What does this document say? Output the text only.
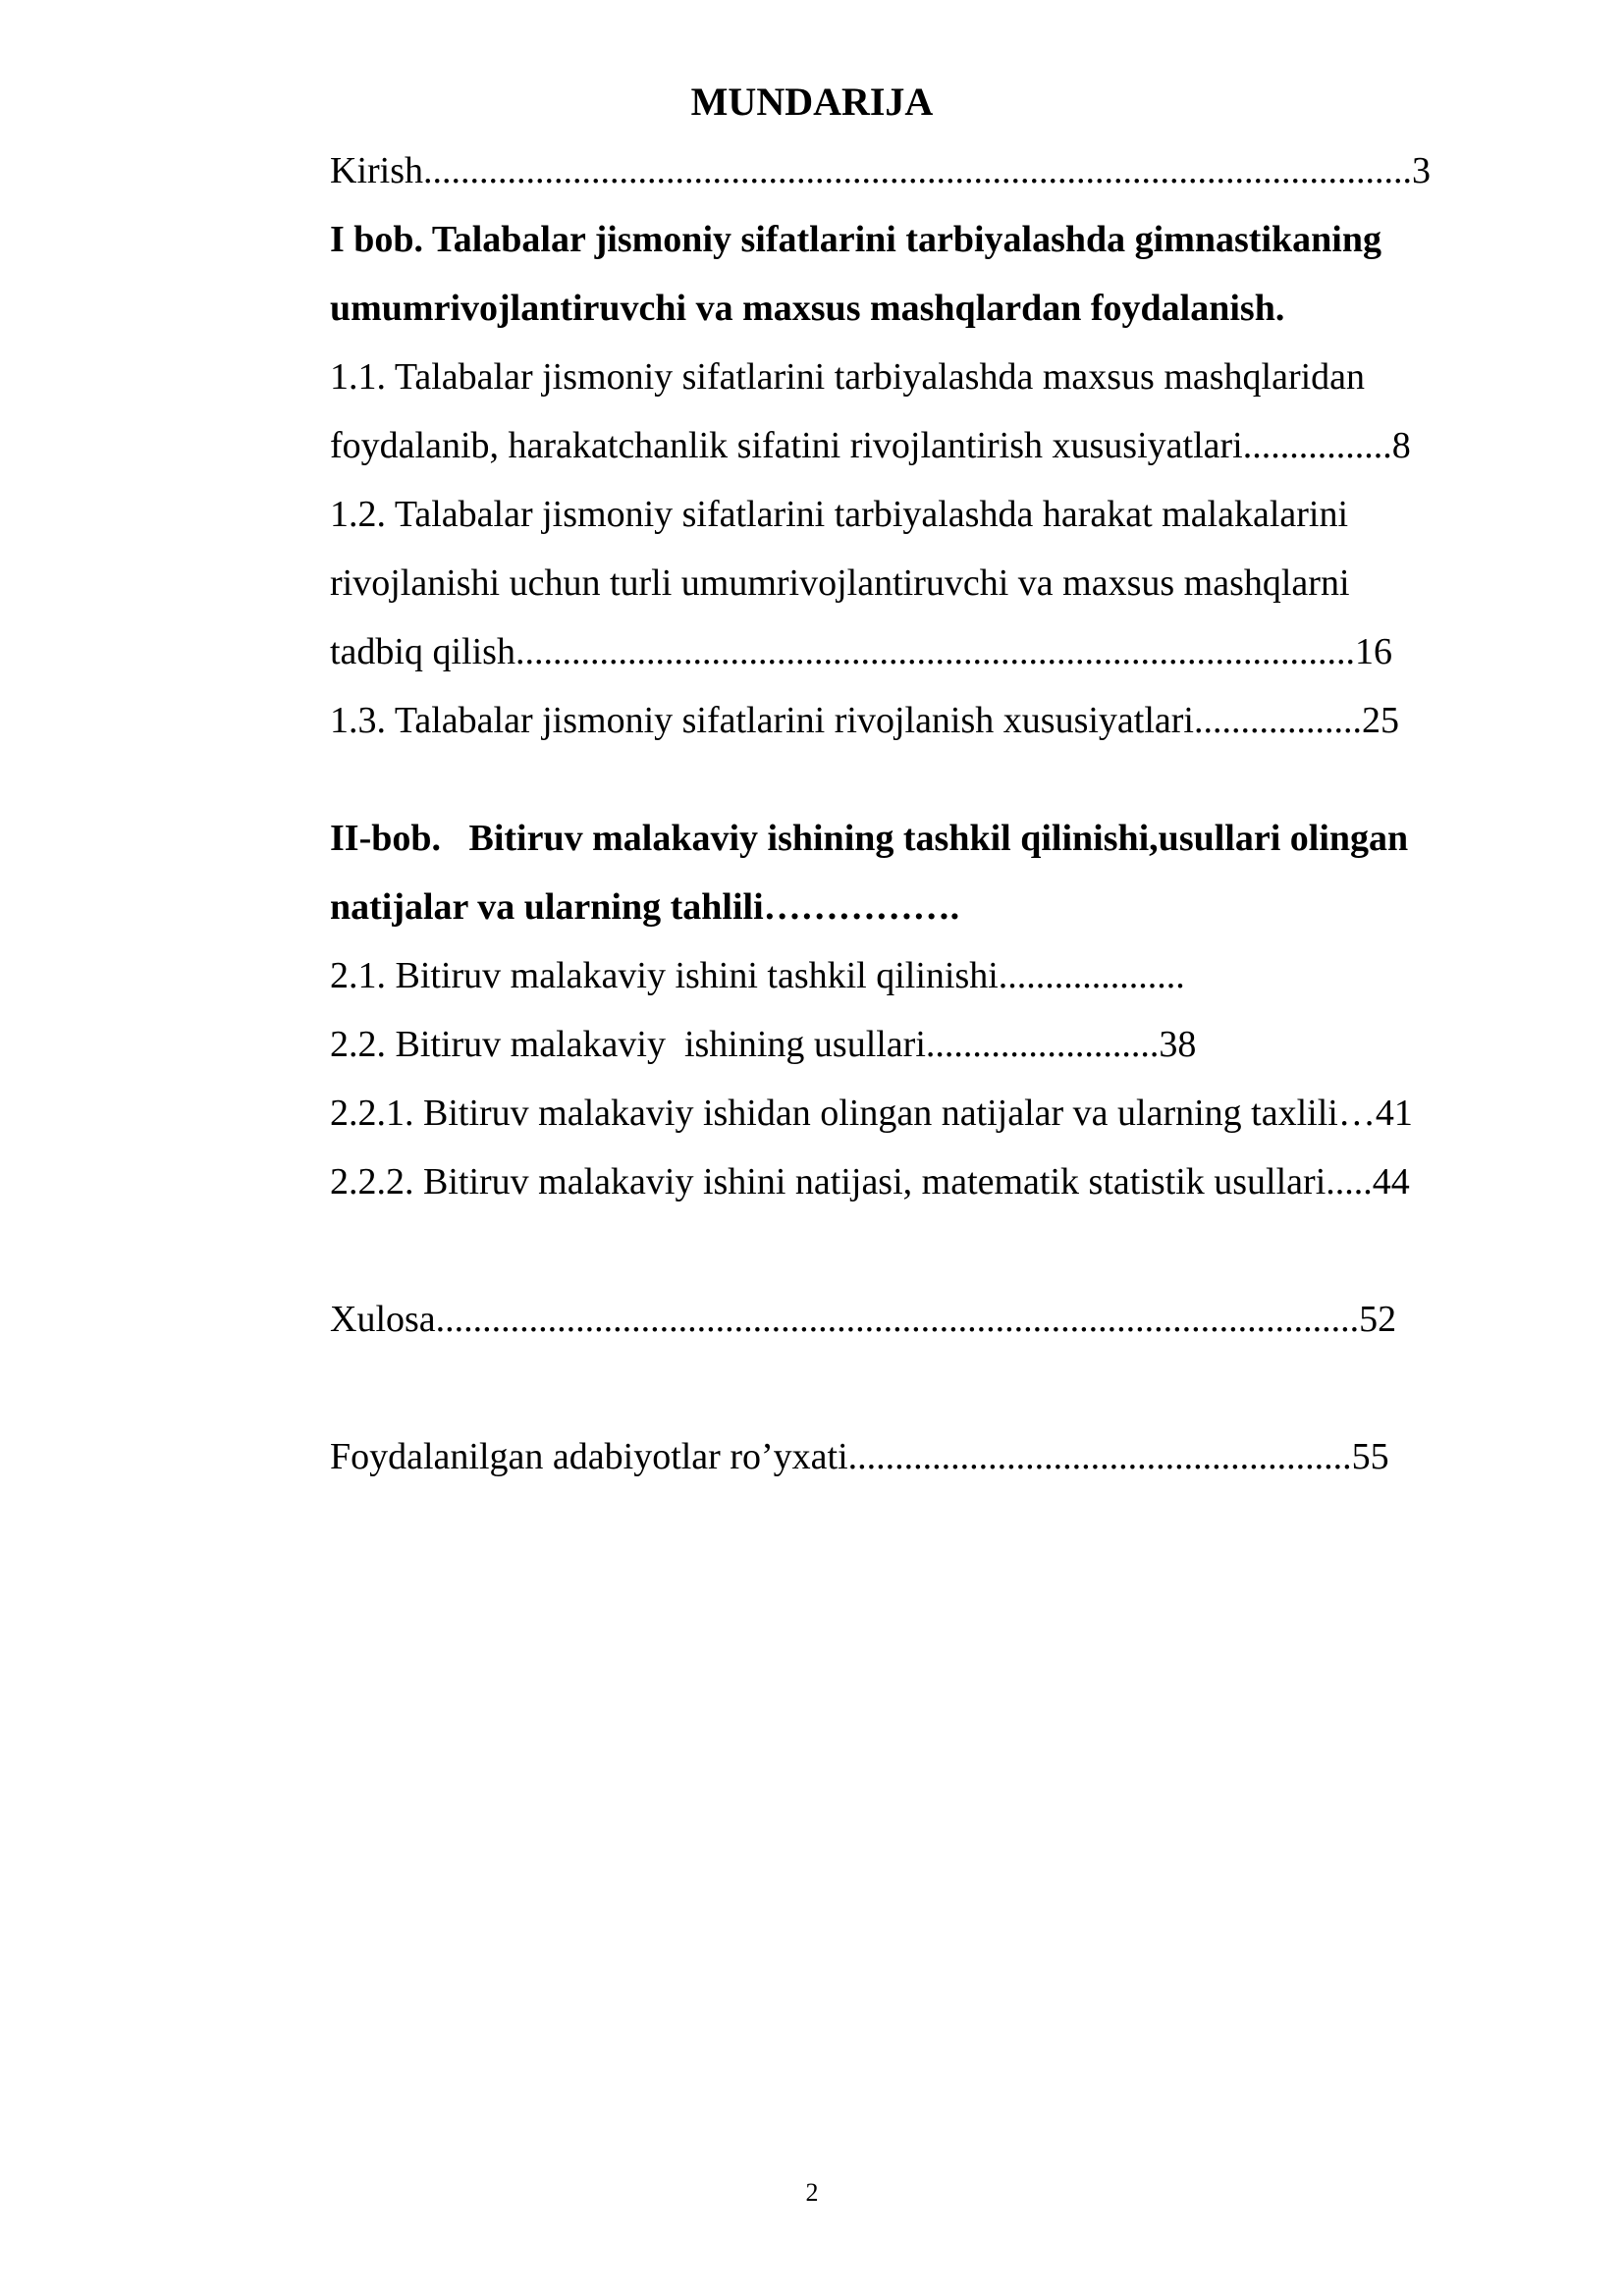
MUNDARIJA
Kirish..........................................................................................................3
I bob. Talabalar jismoniy sifatlarini tarbiyalashda gimnastikaning
umumrivojlantiruvchi va maxsus mashqlardan foydalanish.
1.1. Talabalar jismoniy sifatlarini tarbiyalashda maxsus mashqlaridan
foydalanib, harakatchanlik sifatini rivojlantirish xususiyatlari................8
1.2. Talabalar jismoniy sifatlarini tarbiyalashda harakat malakalarini
rivojlanishi uchun turli umumrivojlantiruvchi va maxsus mashqlarni
tadbiq qilish..........................................................................................16
1.3. Talabalar jismoniy sifatlarini rivojlanish xususiyatlari..................25
II-bob.   Bitiruv malakaviy ishining tashkil qilinishi,usullari olingan
natijalar va ularning tahlili…………….
2.1. Bitiruv malakaviy ishini tashkil qilinishi....................
2.2. Bitiruv malakaviy  ishining usullari.........................38
2.2.1. Bitiruv malakaviy ishidan olingan natijalar va ularning taxlili…41
2.2.2. Bitiruv malakaviy ishini natijasi, matematik statistik usullari.....44
Xulosa...................................................................................................52
Foydalanilgan adabiyotlar ro’yxati......................................................55
2
